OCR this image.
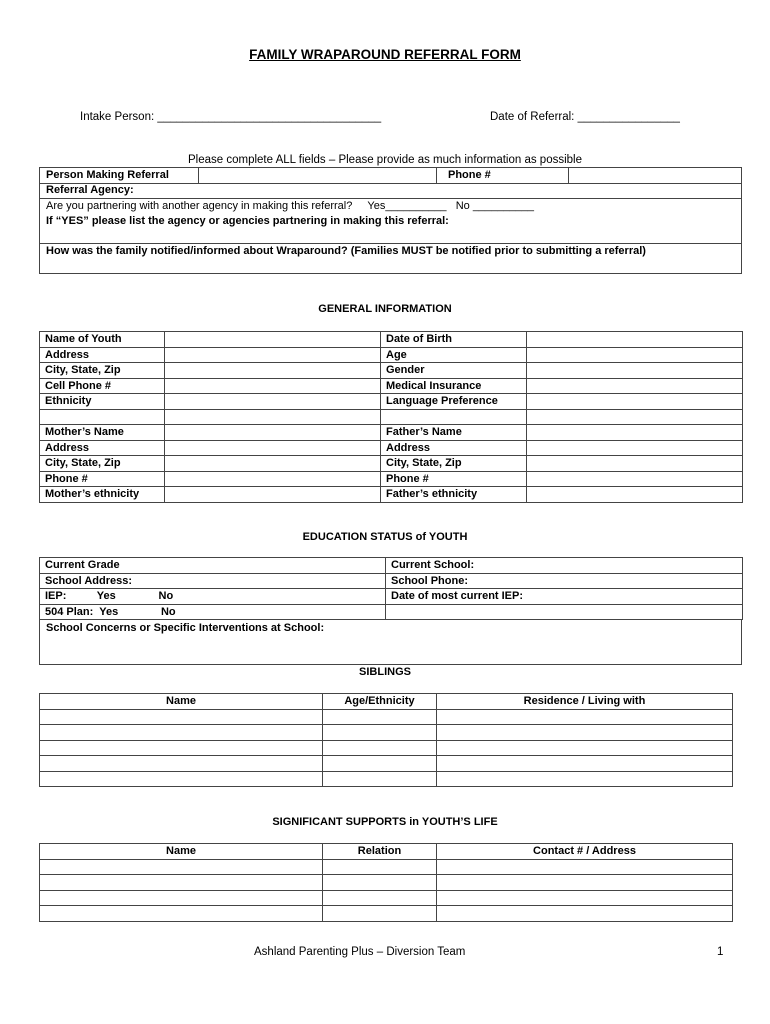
FAMILY WRAPAROUND REFERRAL FORM
Intake Person: ___________________________________	Date of Referral: ________________
Please complete ALL fields – Please provide as much information as possible
Person Making Referral	Phone #
Referral Agency:
Are you partnering with another agency in making this referral?     Yes__________   No __________
If “YES” please list the agency or agencies partnering in making this referral:
How was the family notified/informed about Wraparound? (Families MUST be notified prior to submitting a referral)
GENERAL INFORMATION
Name of Youth		Date of Birth	
Address		Age	
City, State, Zip		Gender	
Cell Phone #		Medical Insurance	
Ethnicity		Language Preference	

Mother’s Name		Father’s Name	
Address		Address	
City, State, Zip		City, State, Zip	
Phone #		Phone #	
Mother’s ethnicity		Father’s ethnicity	
EDUCATION STATUS of YOUTH
Current Grade	Current School:
School Address:	School Phone:
IEP:          Yes              No	Date of most current IEP:
504 Plan:  Yes              No	
School Concerns or Specific Interventions at School:
SIBLINGS
Name	Age/Ethnicity	Residence / Living with

SIGNIFICANT SUPPORTS in YOUTH’S LIFE
Name	Relation	Contact # / Address

Ashland Parenting Plus – Diversion Team	1
